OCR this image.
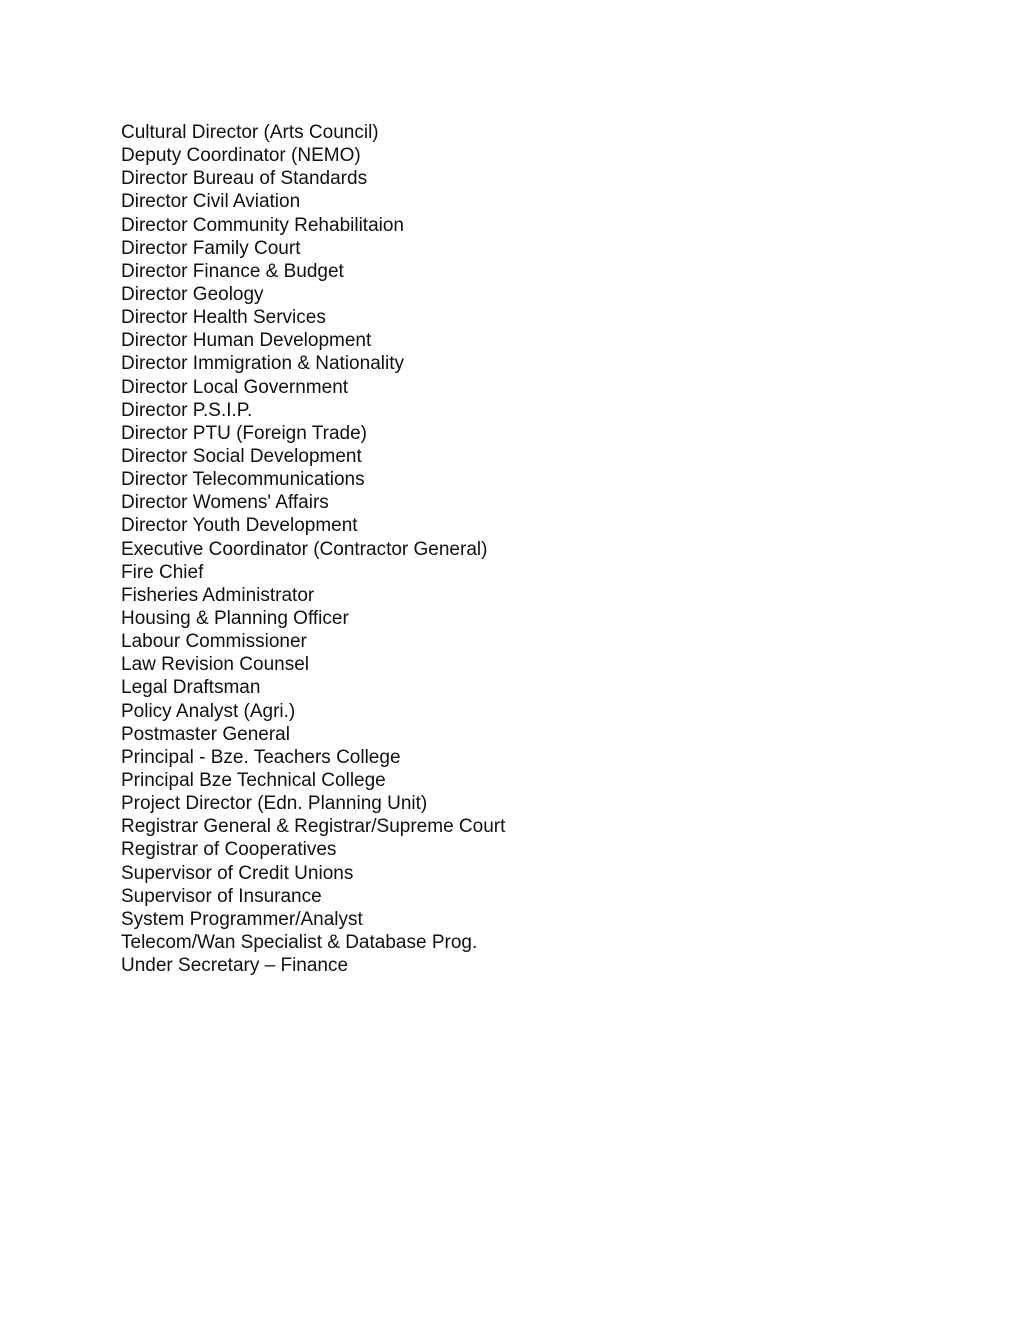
Cultural Director (Arts Council)
Deputy Coordinator (NEMO)
Director Bureau of Standards
Director Civil Aviation
Director Community Rehabilitaion
Director Family Court
Director Finance & Budget
Director Geology
Director Health Services
Director Human Development
Director Immigration & Nationality
Director Local Government
Director P.S.I.P.
Director PTU (Foreign Trade)
Director Social Development
Director Telecommunications
Director Womens' Affairs
Director Youth Development
Executive Coordinator (Contractor General)
Fire Chief
Fisheries Administrator
Housing & Planning Officer
Labour Commissioner
Law Revision Counsel
Legal Draftsman
Policy Analyst (Agri.)
Postmaster General
Principal - Bze. Teachers College
Principal Bze Technical College
Project Director (Edn. Planning Unit)
Registrar General & Registrar/Supreme Court
Registrar of Cooperatives
Supervisor of Credit Unions
Supervisor of Insurance
System Programmer/Analyst
Telecom/Wan Specialist & Database Prog.
Under Secretary – Finance
